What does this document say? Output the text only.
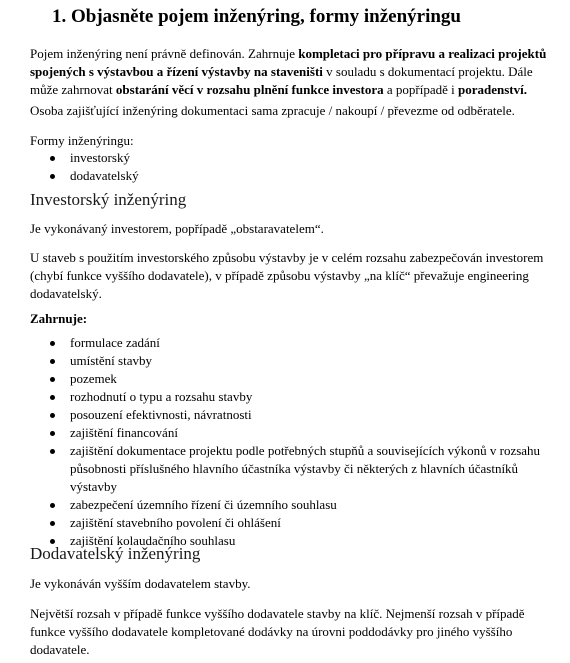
1. Objasněte pojem inženýring, formy inženýringu

Pojem inženýring není právně definován. Zahrnuje kompletaci pro přípravu a realizaci projektů spojených s výstavbou a řízení výstavby na staveništi v souladu s dokumentací projektu. Dále může zahrnovat obstarání věcí v rozsahu plnění funkce investora a popřípadě i poradenství.

Osoba zajišťující inženýring dokumentaci sama zpracuje / nakoupí / převezme od odběratele.

Formy inženýringu:

investorský
dodavatelský
Investorský inženýring

Je vykonávaný investorem, popřípadě „obstaravatelem“.

U staveb s použitím investorského způsobu výstavby je v celém rozsahu zabezpečován investorem (chybí funkce vyššího dodavatele), v případě způsobu výstavby „na klíč“ převažuje engineering dodavatelský.

Zahrnuje:

formulace zadání
umístění stavby
pozemek
rozhodnutí o typu a rozsahu stavby
posouzení efektivnosti, návratnosti
zajištění financování
zajištění dokumentace projektu podle potřebných stupňů a souvisejících výkonů v rozsahu působnosti příslušného hlavního účastníka výstavby či některých z hlavních účastníků výstavby
zabezpečení územního řízení či územního souhlasu
zajištění stavebního povolení či ohlášení
zajištění kolaudačního souhlasu
Dodavatelský inženýring

Je vykonáván vyšším dodavatelem stavby.

Největší rozsah v případě funkce vyššího dodavatele stavby na klíč. Nejmenší rozsah v případě funkce vyššího dodavatele kompletované dodávky na úrovni poddodávky pro jiného vyššího dodavatele.
